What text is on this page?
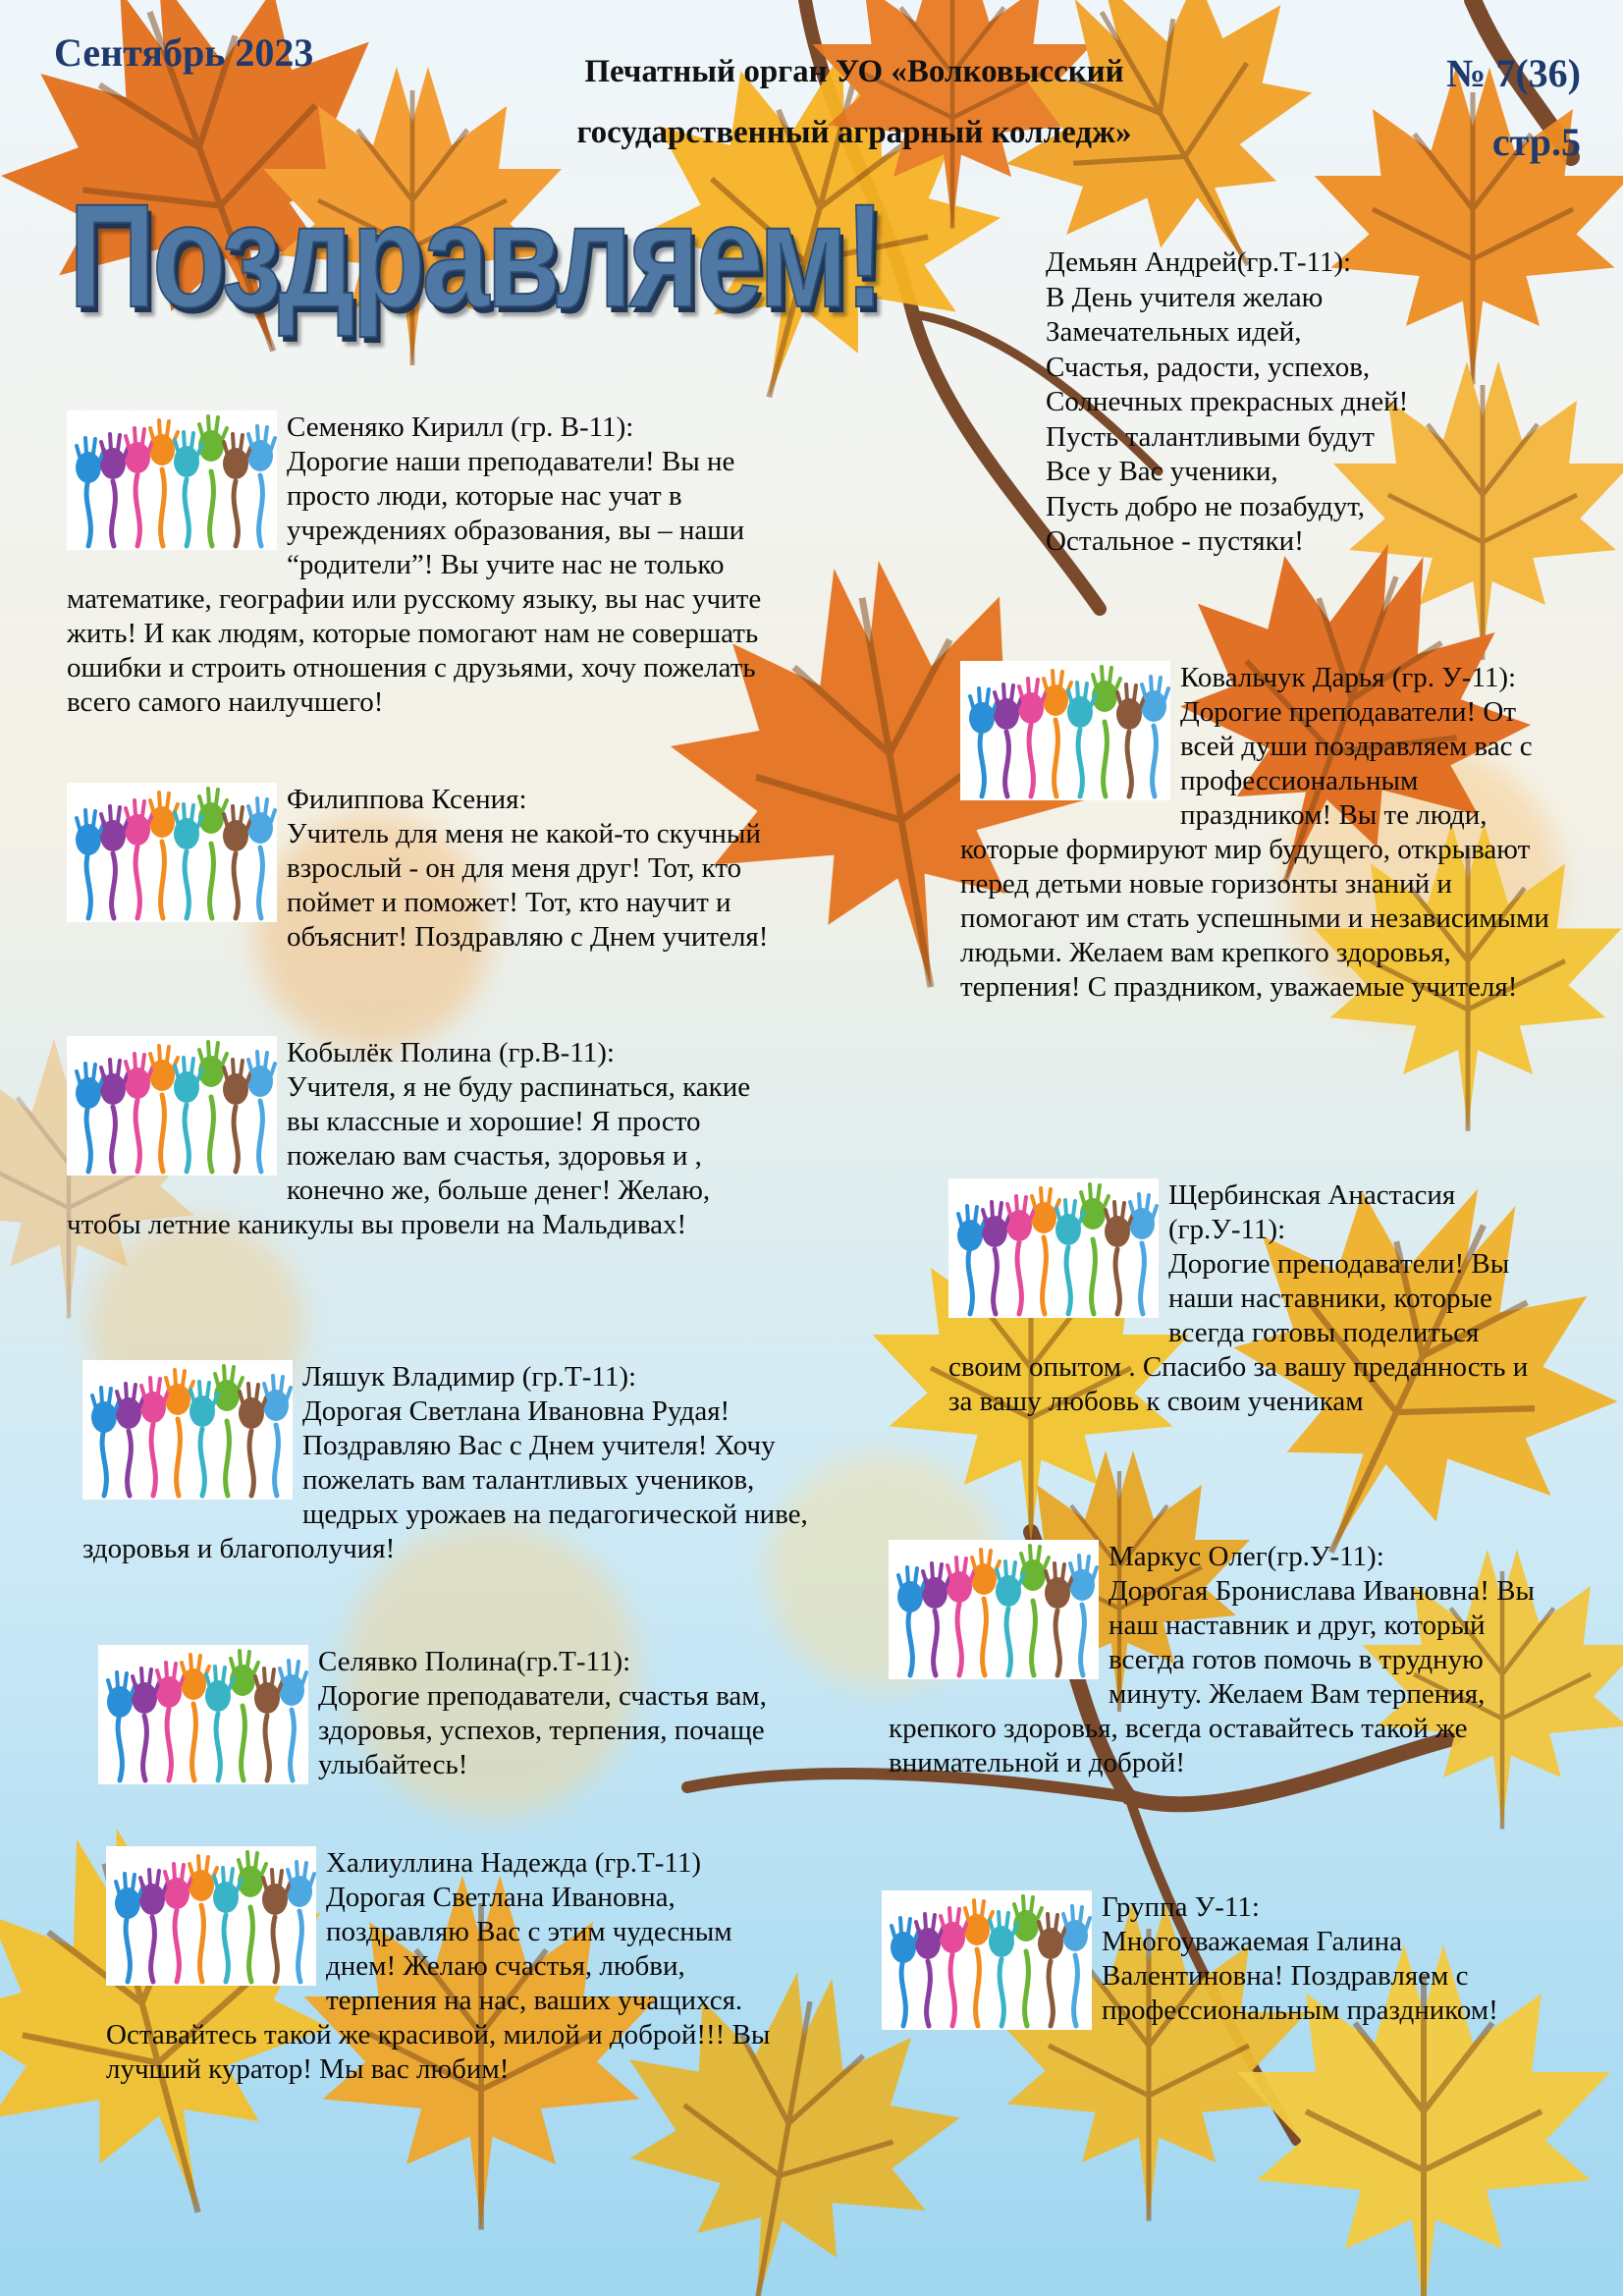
Сентябрь 2023	Печатный орган УО «Волковысский
государственный аграрный колледж»
№ 7(36)
стр.5
Поздравляем!	Демьян Андрей(гр.Т-11):
В День учителя желаю
Замечательных идей,
Счастья, радости, успехов,
Солнечных прекрасных дней!
Пусть талантливыми будут
Все у Вас ученики,
Пусть добро не позабудут,
Остальное - пустяки!

Семеняко Кирилл (гр. В-11):
Дорогие наши преподаватели! Вы не просто люди, которые нас учат в учреждениях образования, вы – наши “родители”! Вы учите нас не только математике, географии или русскому языку, вы нас учите жить! И как людям, которые помогают нам не совершать ошибки и строить отношения с друзьями, хочу пожелать всего самого наилучшего!

Филиппова Ксения:
Учитель для меня не какой-то скучный взрослый - он для меня друг! Тот, кто поймет и поможет! Тот, кто научит и объяснит! Поздравляю с Днем учителя!

Кобылёк Полина (гр.В-11):
Учителя, я не буду распинаться, какие вы классные и хорошие! Я просто пожелаю вам счастья, здоровья и , конечно же, больше денег! Желаю, чтобы летние каникулы вы провели на Мальдивах!

Ляшук Владимир (гр.Т-11):
Дорогая Светлана Ивановна Рудая! Поздравляю Вас с Днем учителя! Хочу пожелать вам талантливых учеников, щедрых урожаев на педагогической ниве, здоровья и благополучия!

Селявко Полина(гр.Т-11):
Дорогие преподаватели, счастья вам, здоровья, успехов, терпения, почаще улыбайтесь!

Халиуллина Надежда (гр.Т-11)
Дорогая Светлана Ивановна, поздравляю Вас с этим чудесным днем! Желаю счастья, любви, терпения на нас, ваших учащихся. Оставайтесь такой же красивой, милой и доброй!!! Вы лучший куратор! Мы вас любим!

Ковальчук Дарья (гр. У-11):
Дорогие преподаватели! От всей души поздравляем вас с профессиональным праздником! Вы те люди, которые формируют мир будущего, открывают перед детьми новые горизонты знаний и помогают им стать успешными и независимыми людьми. Желаем вам крепкого здоровья, терпения! С праздником, уважаемые учителя!

Щербинская Анастасия (гр.У-11):
Дорогие преподаватели! Вы наши наставники, которые всегда готовы поделиться своим опытом . Спасибо за вашу преданность и за вашу любовь к своим ученикам

Маркус Олег(гр.У-11):
Дорогая Бронислава Ивановна! Вы наш наставник и друг, который всегда готов помочь в трудную минуту. Желаем Вам терпения, крепкого здоровья, всегда оставайтесь такой же внимательной и доброй!

Группа У-11:
Многоуважаемая Галина Валентиновна! Поздравляем с профессиональным праздником!
